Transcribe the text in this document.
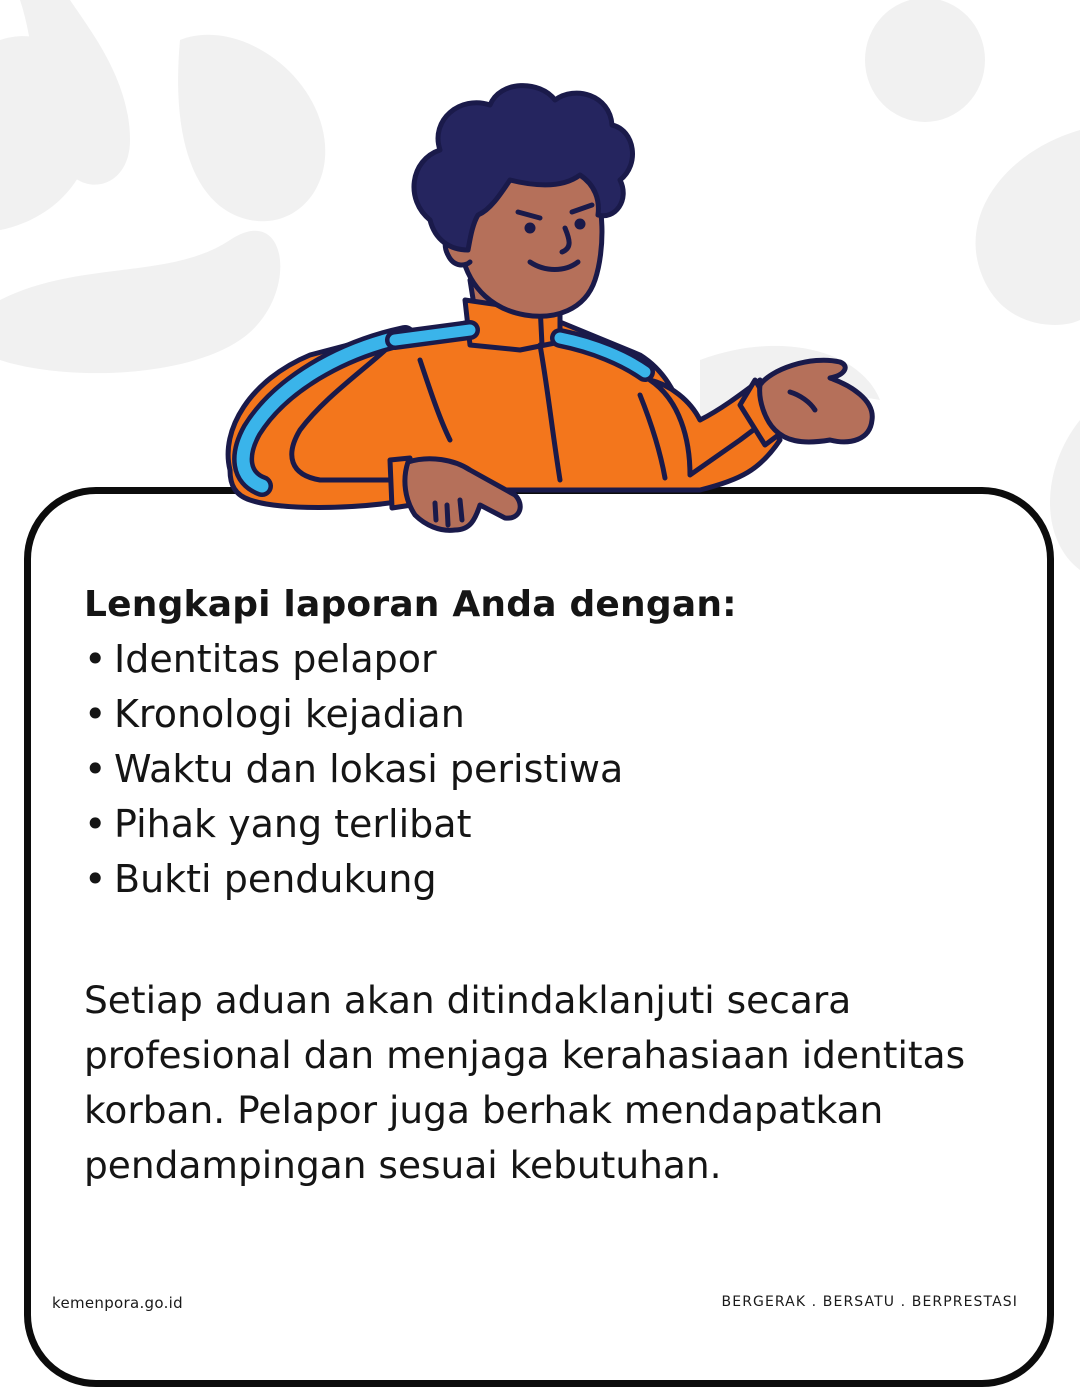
Lengkapi laporan Anda dengan:
• Identitas pelapor
• Kronologi kejadian
• Waktu dan lokasi peristiwa
• Pihak yang terlibat
• Bukti pendukung

Setiap aduan akan ditindaklanjuti secara profesional dan menjaga kerahasiaan identitas korban. Pelapor juga berhak mendapatkan pendampingan sesuai kebutuhan.

kemenpora.go.id	BERGERAK . BERSATU . BERPRESTASI
